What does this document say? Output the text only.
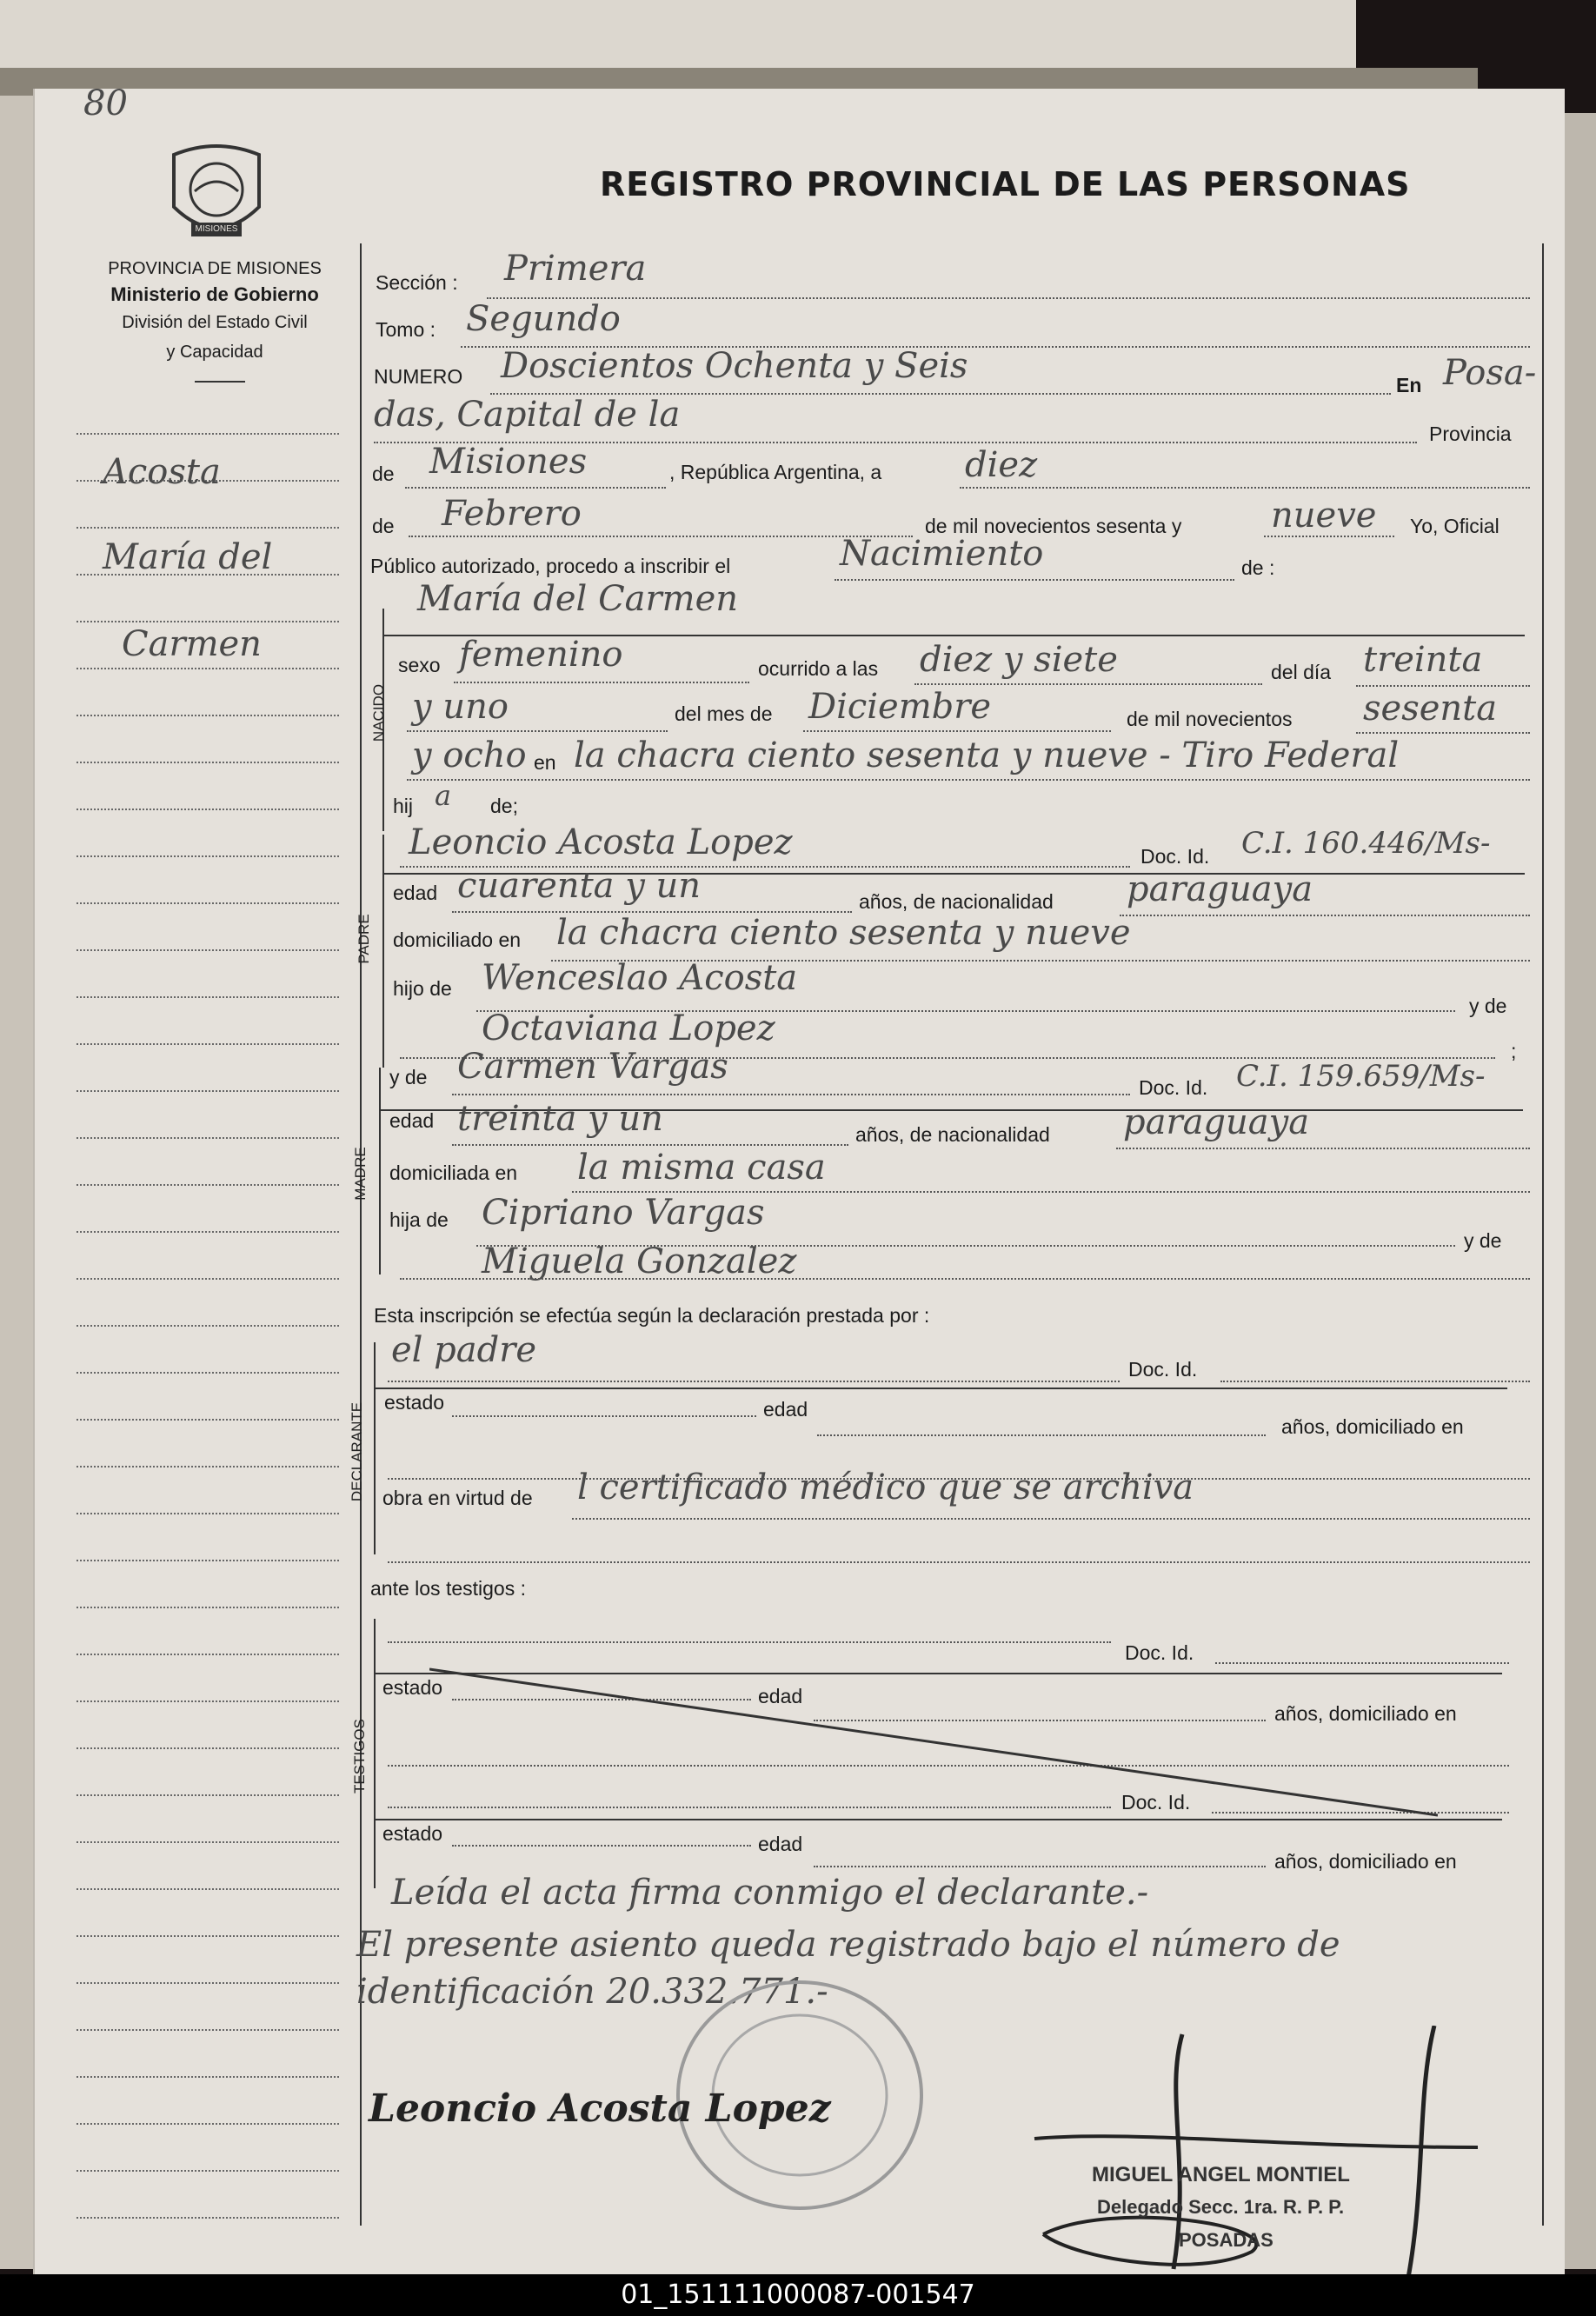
80
MISIONES
PROVINCIA DE MISIONES
Ministerio de Gobierno
División del Estado Civil
y Capacidad
REGISTRO PROVINCIAL DE LAS PERSONAS
Acosta
María del
Carmen
Sección : Primera
Tomo : Segundo
NUMERO Doscientos Ochenta y Seis	En Posa-
das, Capital de la	Provincia
de Misiones	, República Argentina, a diez
de Febrero	de mil novecientos sesenta y	nueve Yo, Oficial
Público autorizado, procedo a inscribir el	Nacimiento	de :
María del Carmen
NACIDO
sexo femenino	ocurrido a las diez y siete	del día treinta
y uno	del mes de Diciembre	de mil novecientos sesenta
y ocho en la chacra ciento sesenta y nueve - Tiro Federal
hij a de;
PADRE
Leoncio Acosta Lopez	Doc. Id. C.I. 160.446/Ms-
edad cuarenta y un	años, de nacionalidad paraguaya
domiciliado en la chacra ciento sesenta y nueve
hijo de Wenceslao Acosta
y de
Octaviana Lopez
;
MADRE
y de Carmen Vargas
Doc. Id. C.I. 159.659/Ms-
edad treinta y un	años, de nacionalidad paraguaya
domiciliada en la misma casa
hija de Cipriano Vargas
y de
Miguela Gonzalez
Esta inscripción se efectúa según la declaración prestada por :
DECLARANTE
el padre	Doc. Id.
estado	edad
años, domiciliado en
obra en virtud de l certificado médico que se archiva
ante los testigos :
TESTIGOS
Doc. Id.
estado	edad
años, domiciliado en
Doc. Id.
estado	edad
años, domiciliado en
Leída el acta firma conmigo el declarante.-
El presente asiento queda registrado bajo el número de
identificación 20.332.771.-
Leoncio Acosta Lopez
MIGUEL ANGEL MONTIEL
Delegado Secc. 1ra. R. P. P.
POSADAS
01_151111000087-001547
